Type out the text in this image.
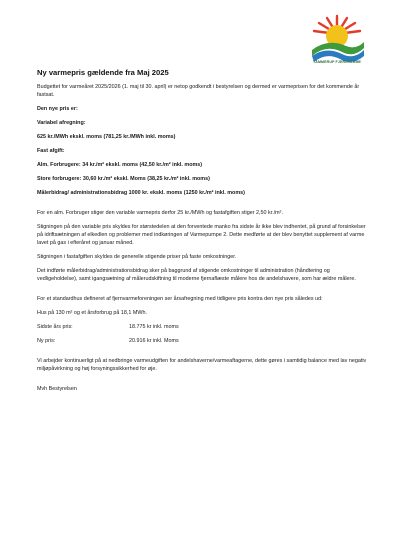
TÅMMERUP FJERNVARME
Ny varmepris gældende fra Maj 2025

Budgettet for varmeåret 2025/2026 (1. maj til 30. april) er netop godkendt i bestyrelsen og dermed er varmeprisen for det kommende år fastsat.

Den nye pris er:

Variabel afregning:

625 kr./MWh ekskl. moms (781,25 kr./MWh inkl. moms)

Fast afgift:

Alm. Forbrugere: 34 kr./m² ekskl. moms (42,50 kr./m² inkl. moms)

Store forbrugere: 30,60 kr./m² ekskl. Moms (38,25 kr./m² inkl. moms)

Målerbidrag/ administrationsbidrag 1000 kr. ekskl. moms (1250 kr./m² inkl. moms)

For en alm. Forbruger stiger den variable varmepris derfor 25 kr./MWh og fastafgiften stiger 2,50 kr./m².

Stigningen på den variable pris skyldes for størstedelen at den forventede manko fra sidste år ikke blev indhentet, på grund af forsinkelser på idriftsætningen af elkedlen og problemer med indkøringen af Varmepumpe 2. Dette medførte at der blev benyttet supplement af varme lavet på gas i efteråret og januar måned.

Stigningen i fastafgiften skyldes de generelle stigende priser på faste omkostninger.

Det indførte målerbidrag/administrationsbidrag sker på baggrund af stigende omkostninger til administration (håndtering og vedligeholdelse), samt igangsætning af målerudskiftning til moderne fjernaflæste målere hos de andelshavere, som har ældre målere.

For et standardhus defineret af fjernvarmeforeningen ser årsafregning med tidligere pris kontra den nye pris således ud:

Hus på 130 m² og et årsforbrug på 18,1 MWh.

Sidste års pris:	18.775 kr inkl. moms
Ny pris:	20.916 kr inkl. Moms

Vi arbejder kontinuerligt på at nedbringe varmeudgiften for andelshaverne/varmeaftagerne, dette gøres i samtidig balance med lav negativ miljøpåvirkning og høj forsyningssikkerhed for øje.

Mvh Bestyrelsen
